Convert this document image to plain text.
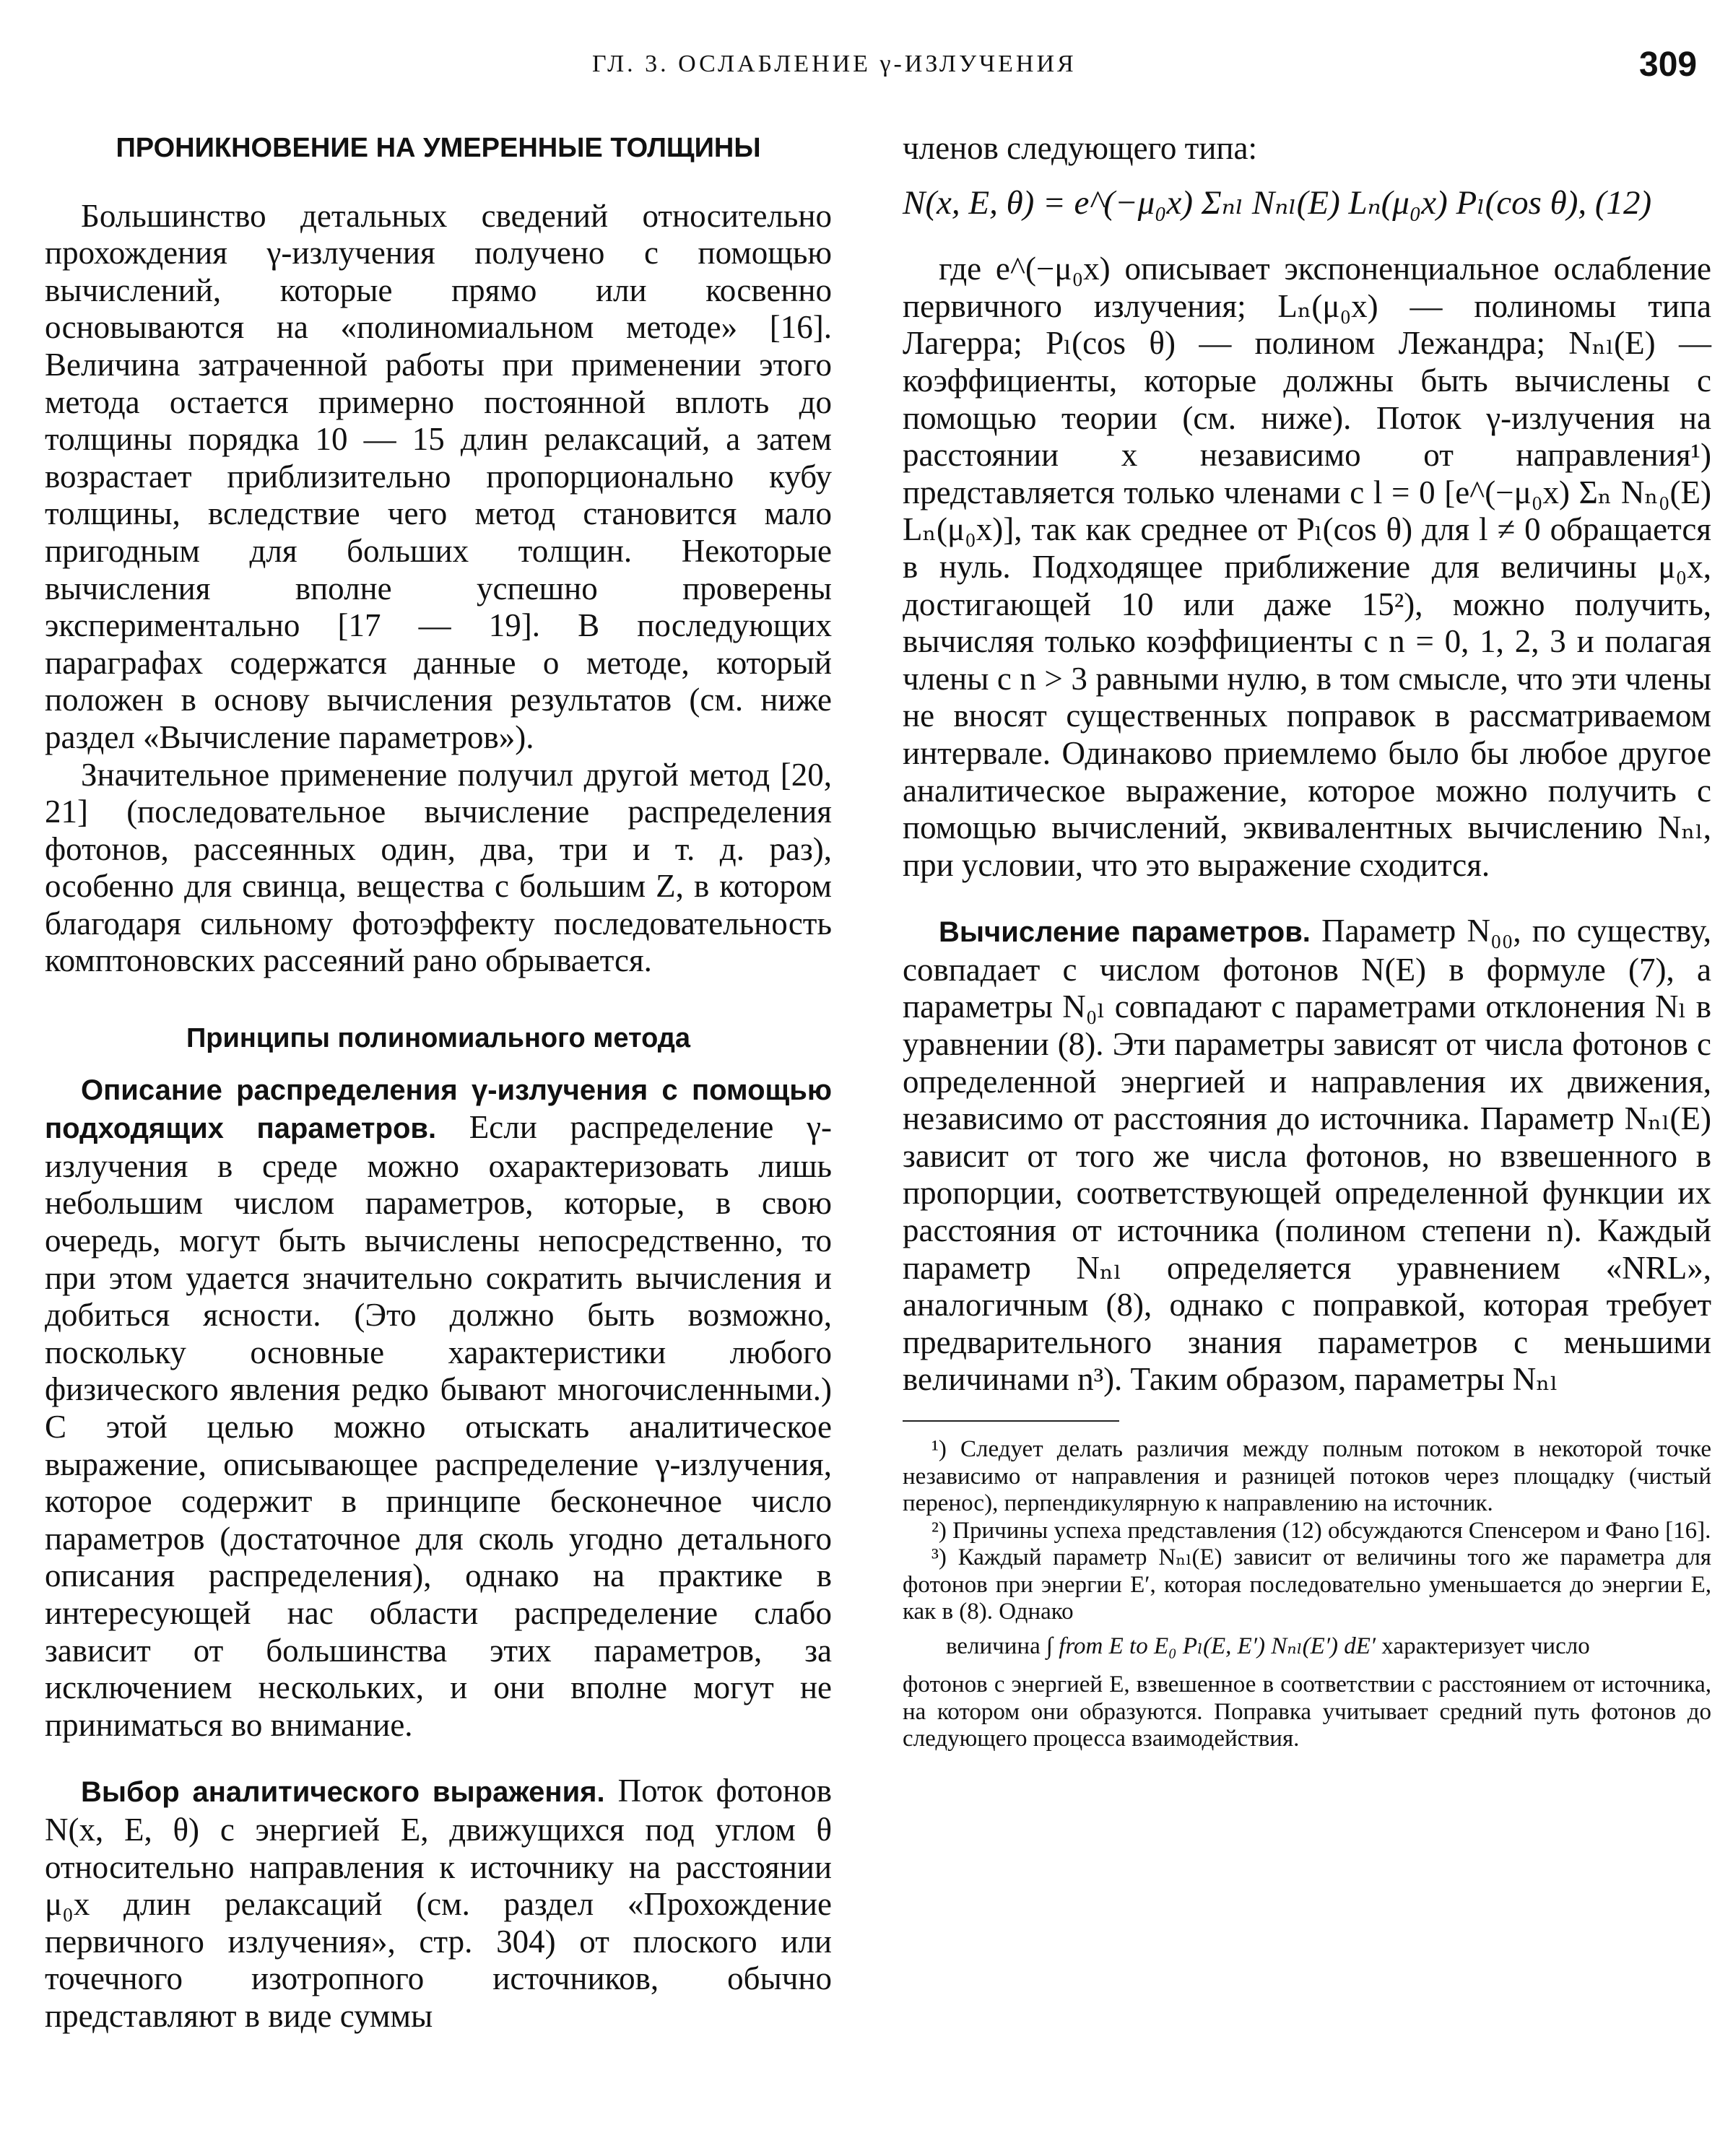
ГЛ. 3. ОСЛАБЛЕНИЕ γ-ИЗЛУЧЕНИЯ	309

ПРОНИКНОВЕНИЕ НА УМЕРЕННЫЕ ТОЛЩИНЫ

Большинство детальных сведений относительно прохождения γ-излучения получено с помощью вычислений, которые прямо или косвенно основываются на «полиномиальном методе» [16]. Величина затраченной работы при применении этого метода остается примерно постоянной вплоть до толщины порядка 10 — 15 длин релаксаций, а затем возрастает приблизительно пропорционально кубу толщины, вследствие чего метод становится мало пригодным для больших толщин. Некоторые вычисления вполне успешно проверены экспериментально [17 — 19]. В последующих параграфах содержатся данные о методе, который положен в основу вычисления результатов (см. ниже раздел «Вычисление параметров»).

Значительное применение получил другой метод [20, 21] (последовательное вычисление распределения фотонов, рассеянных один, два, три и т. д. раз), особенно для свинца, вещества с большим Z, в котором благодаря сильному фотоэффекту последовательность комптоновских рассеяний рано обрывается.

Принципы полиномиального метода

Описание распределения γ-излучения с помощью подходящих параметров. Если распределение γ-излучения в среде можно охарактеризовать лишь небольшим числом параметров, которые, в свою очередь, могут быть вычислены непосредственно, то при этом удается значительно сократить вычисления и добиться ясности. (Это должно быть возможно, поскольку основные характеристики любого физического явления редко бывают многочисленными.) С этой целью можно отыскать аналитическое выражение, описывающее распределение γ-излучения, которое содержит в принципе бесконечное число параметров (достаточное для сколь угодно детального описания распределения), однако на практике в интересующей нас области распределение слабо зависит от большинства этих параметров, за исключением нескольких, и они вполне могут не приниматься во внимание.

Выбор аналитического выражения. Поток фотонов N(x, E, θ) с энергией E, движущихся под углом θ относительно направления к источнику на расстоянии μ₀x длин релаксаций (см. раздел «Прохождение первичного излучения», стр. 304) от плоского или точечного изотропного источников, обычно представляют в виде суммы

членов следующего типа:

N(x, E, θ) = e^(−μ₀x) Σₙₗ Nₙₗ(E) Lₙ(μ₀x) Pₗ(cos θ), (12)

где e^(−μ₀x) описывает экспоненциальное ослабление первичного излучения; Lₙ(μ₀x) — полиномы типа Лагерра; Pₗ(cos θ) — полином Лежандра; Nₙₗ(E) — коэффициенты, которые должны быть вычислены с помощью теории (см. ниже). Поток γ-излучения на расстоянии x независимо от направления¹) представляется только членами с l = 0 [e^(−μ₀x) Σₙ Nₙ₀(E) Lₙ(μ₀x)], так как среднее от Pₗ(cos θ) для l ≠ 0 обращается в нуль. Подходящее приближение для величины μ₀x, достигающей 10 или даже 15²), можно получить, вычисляя только коэффициенты с n = 0, 1, 2, 3 и полагая члены с n > 3 равными нулю, в том смысле, что эти члены не вносят существенных поправок в рассматриваемом интервале. Одинаково приемлемо было бы любое другое аналитическое выражение, которое можно получить с помощью вычислений, эквивалентных вычислению Nₙₗ, при условии, что это выражение сходится.

Вычисление параметров. Параметр N₀₀, по существу, совпадает с числом фотонов N(E) в формуле (7), а параметры N₀ₗ совпадают с параметрами отклонения Nₗ в уравнении (8). Эти параметры зависят от числа фотонов с определенной энергией и направления их движения, независимо от расстояния до источника. Параметр Nₙₗ(E) зависит от того же числа фотонов, но взвешенного в пропорции, соответствующей определенной функции их расстояния от источника (полином степени n). Каждый параметр Nₙₗ определяется уравнением «NRL», аналогичным (8), однако с поправкой, которая требует предварительного знания параметров с меньшими величинами n³). Таким образом, параметры Nₙₗ

¹) Следует делать различия между полным потоком в некоторой точке независимо от направления и разницей потоков через площадку (чистый перенос), перпендикулярную к направлению на источник.

²) Причины успеха представления (12) обсуждаются Спенсером и Фано [16].

³) Каждый параметр Nₙₗ(E) зависит от величины того же параметра для фотонов при энергии E′, которая последовательно уменьшается до энергии E, как в (8). Однако

величина ∫ from E to E₀ Pₗ(E, E′) Nₙₗ(E′) dE′ характеризует число

фотонов с энергией E, взвешенное в соответствии с расстоянием от источника, на котором они образуются. Поправка учитывает средний путь фотонов до следующего процесса взаимодействия.
